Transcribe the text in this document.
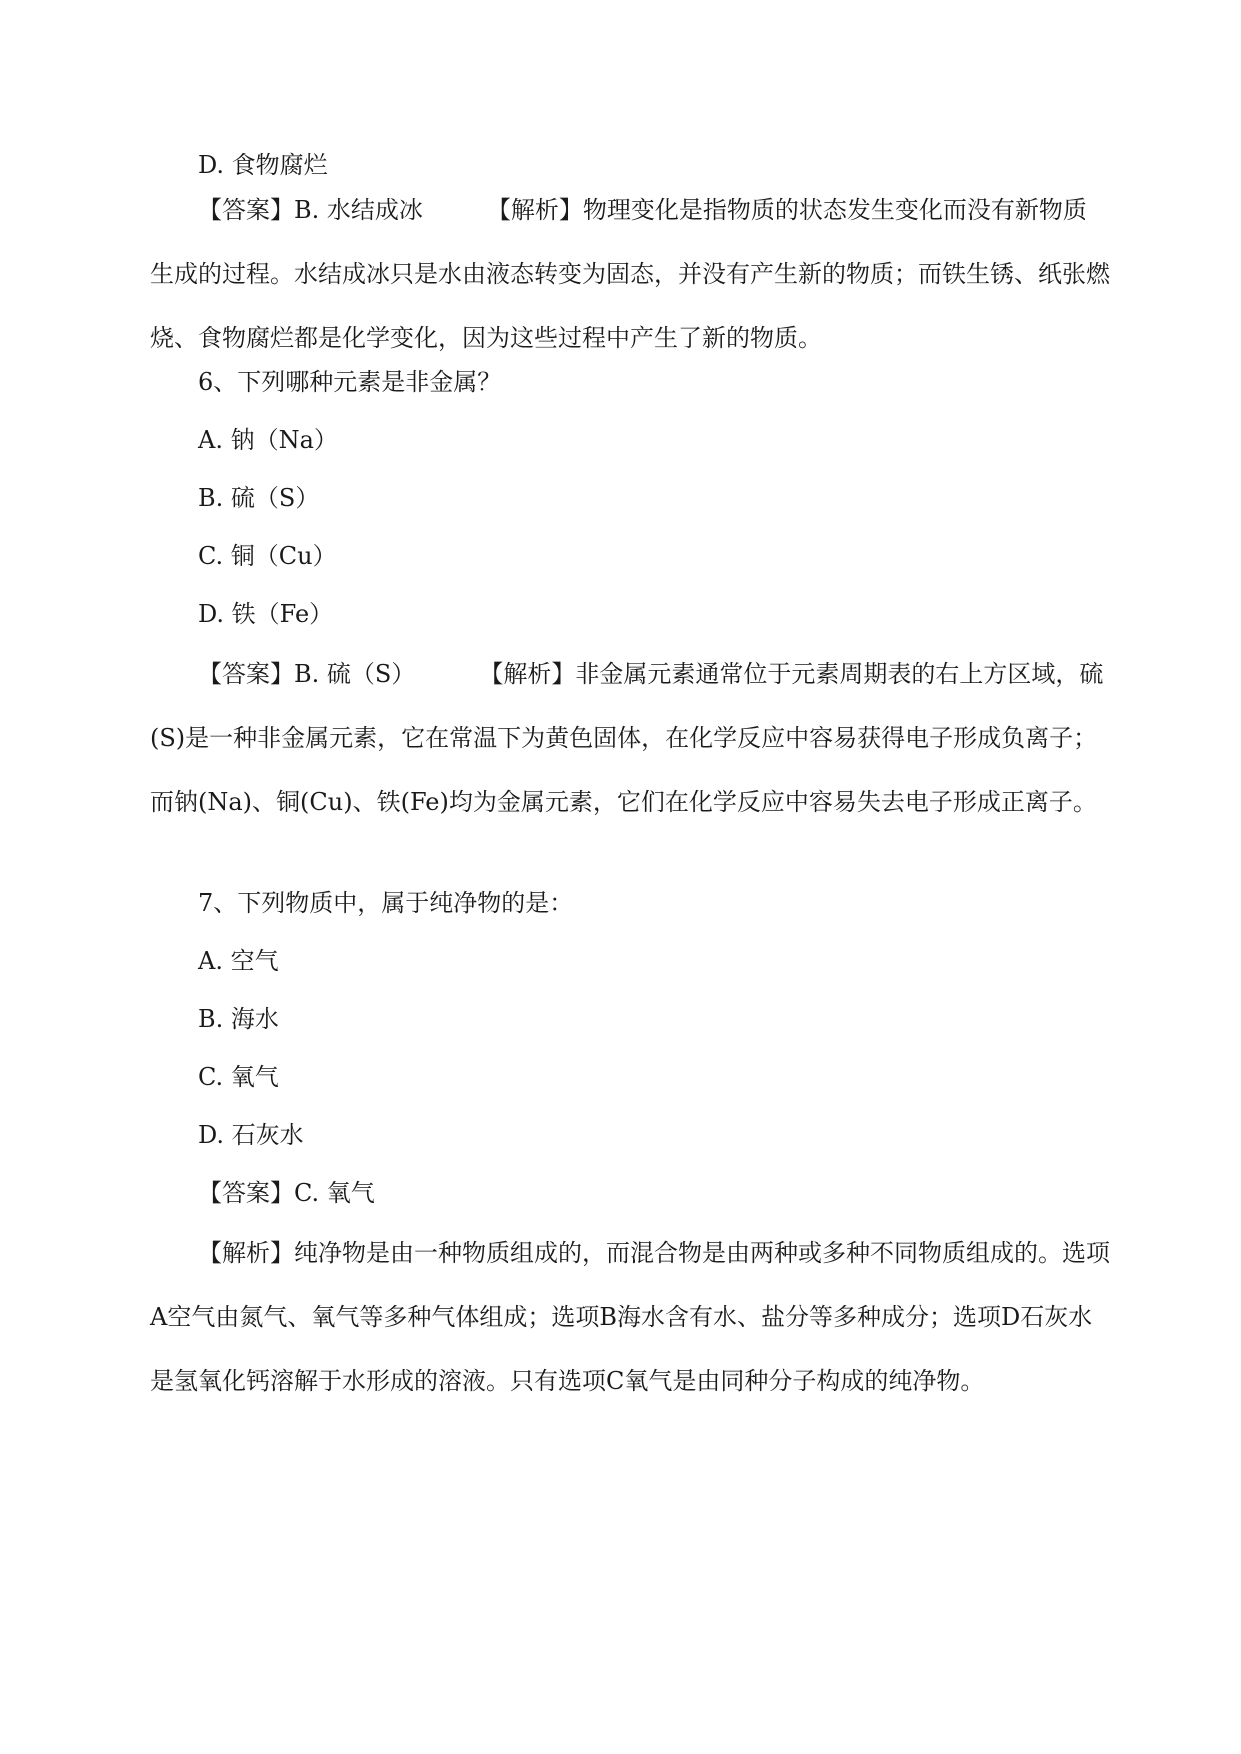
D. 食物腐烂
【答案】B. 水结成冰	【解析】物理变化是指物质的状态发生变化而没有新物质生成的过程。水结成冰只是水由液态转变为固态，并没有产生新的物质；而铁生锈、纸张燃烧、食物腐烂都是化学变化，因为这些过程中产生了新的物质。
6、下列哪种元素是非金属？
A. 钠（Na）
B. 硫（S）
C. 铜（Cu）
D. 铁（Fe）
【答案】B. 硫（S）	【解析】非金属元素通常位于元素周期表的右上方区域，硫(S)是一种非金属元素，它在常温下为黄色固体，在化学反应中容易获得电子形成负离子；而钠(Na)、铜(Cu)、铁(Fe)均为金属元素，它们在化学反应中容易失去电子形成正离子。
7、下列物质中，属于纯净物的是：
A. 空气
B. 海水
C. 氧气
D. 石灰水
【答案】C. 氧气
【解析】纯净物是由一种物质组成的，而混合物是由两种或多种不同物质组成的。选项A空气由氮气、氧气等多种气体组成；选项B海水含有水、盐分等多种成分；选项D石灰水是氢氧化钙溶解于水形成的溶液。只有选项C氧气是由同种分子构成的纯净物。
